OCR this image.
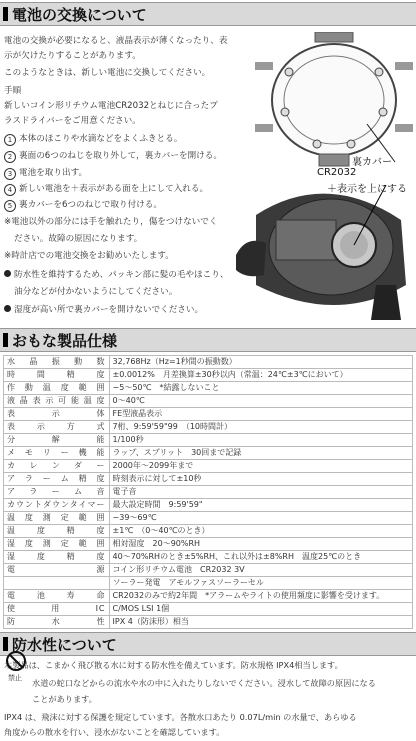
電池の交換について
電池の交換が必要になると、液晶表示が薄くなったり、表
示が欠けたりすることがあります。
このようなときは、新しい電池に交換してください。
手順
新しいコイン形リチウム電池CR2032とねじに合ったプ
ラスドライバーをご用意ください。
1 本体のほこりや水滴などをよくふきとる。
2 裏面の6つのねじを取り外して，裏カバーを開ける。
3 電池を取り出す。
4 新しい電池を＋表示がある面を上にして入れる。
5 裏カバーを6つのねじで取り付ける。
※電池以外の部分には手を触れたり，傷をつけないでく
ださい。故障の原因になります。
※時計店での電池交換をお勧めいたします。
防水性を維持するため、パッキン部に髪の毛やほこり、
油分などが付かないようにしてください。
湿度が高い所で裏カバーを開けないでください。
裏カバー
CR2032
＋表示を上にする
おもな製品仕様
水晶振動数	32,768Hz（Hz=1秒間の振動数）
時間精度	±0.0012%　月差換算±30秒以内（常温：24℃±3℃において）
作動温度範囲	−5〜50℃　*結露しないこと
液晶表示可能温度	0〜40℃
表示体	FE型液晶表示
表示方式	7桁、9:59'59"99　（10時間計）
分解能	1/100秒
メモリー機能	ラップ、スプリット　30回まで記録
カレンダー	2000年〜2099年まで
アラーム精度	時刻表示に対して±10秒
アラーム音	電子音
カウントダウンタイマー	最大設定時間　9:59'59"
温度測定範囲	−39〜69℃
温度精度	±1℃　（0〜40℃のとき）
湿度測定範囲	相対湿度　20〜90%RH
湿度精度	40〜70%RHのとき±5%RH、これ以外は±8%RH　温度25℃のとき
電源	コイン形リチウム電池　CR2032 3V
	ソーラー発電　アモルファスソーラーセル
電池寿命	CR2032のみで約2年間　*アラームやライトの使用頻度に影響を受けます。
使用IC	C/MOS LSI 1個
防水性	IPX 4（防沫形）相当
防水性について
本製品は、こまかく飛び散る水に対する防水性を備えています。防水規格 IPX4相当します。
禁止 水道の蛇口などからの流水や水の中に入れたりしないでください。浸水して故障の原因になる
ことがあります。
IPX4 は、飛沫に対する保護を規定しています。各散水口あたり 0.07L/min の水量で、あらゆる
角度からの散水を行い、浸水がないことを確認しています。
